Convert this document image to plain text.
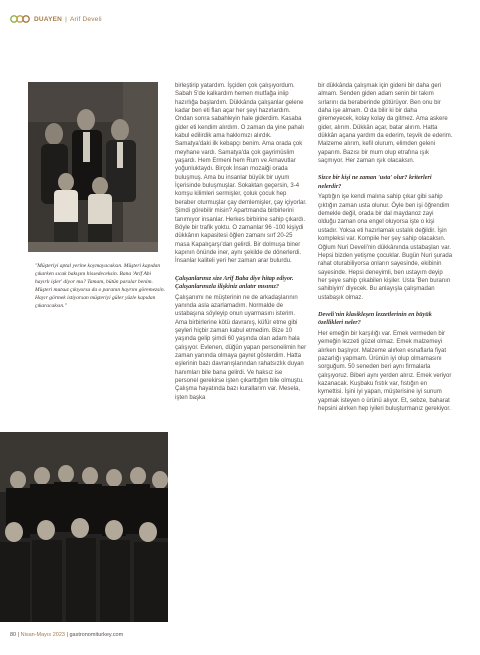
DUAYEN | Arif Develi
"Müşteriyi aptal yerine koymayacaksın. Müşteri kapıdan çıkarken sıcak bakışını hissedeceksin. Bana 'Arif Abi hayırlı işler' diyor mu? Tamam, bütün paralar benim. Müşteri mutsuz çıkıyorsa da o paranın hayrını göremezsin. Hayır görmek istiyorsan müşteriyi güler yüzle kapıdan çıkaracaksın."

birleştirip yatardım. İşçiden çok çalışıyordum. Sabah 5'de kalkardım hemen mutfağa iniip hazırlığa başlardım. Dükkânda çalışanlar gelene kadar ben eti flan açar her şeyi hazırlardım. Ondan sonra sabahleyin hale giderdim. Kasaba gider eti kendim alırdım. O zaman da yine pahalı kabul edilirdik ama hakkımızı alırdık. Samatya'daki ilk kebapçı benim. Ama orada çok meyhane vardı. Samatya'da çok gayrimüslim yaşardı. Hem Ermeni hem Rum ve Arnavutlar yoğunluktaydı. Birçok İnsan mozaiği orada buluşmuş. Ama bu insanlar büyük bir uyum İçerisinde buluşmuşlar. Sokaktan geçersin, 3-4 komşu kilimleri sermişler, çoluk çocuk hep beraber oturmuşlar çay demlemişler, çay içiyorlar. Şimdi görebilir misin? Apartmanda birbirlerini tanımıyor insanlar. Herkes birbirine sahip çıkardı. Böyle bir trafik yoktu. O zamanlar 96 -100 kişiydi dükkânın kapasitesi öğlen zamanı sırf 20-25 masa Kapalıçarşı'dan gelirdi. Bir dolmuşa biner kapının önünde iner, aynı şekilde de dönerlerdi. İnsanlar kaliteli yeri her zaman arar bulurdu.

Çalışanlarınız size Arif Baba diye hitap ediyor. Çalışanlarınızla ilişkiniz anlatır mısınız?

Çalışanımı ne müşterinin ne de arkadaşlarının yanında asla azarlamadım. Normalde de ustabaşına söyleyip onun uyarmasını isterim. Ama birbirlerine kötü davranış, küfür etme gibi şeyleri hiçbir zaman kabul etmedim. Bize 10 yaşında gelip şimdi 60 yaşında olan adam hala çalışıyor. Evlenen, düğün yapan personelimin her zaman yanında olmaya gayret gösterdim. Hatta eşlerinin bazı davranışlarından rahatsızlık duyan hanımları bile bana gelirdi. Ve haksız ise personel gerekirse işten çıkarttığım bile olmuştu. Çalışma hayatında bazı kurallarım var. Mesela, işten başka

bir dükkânda çalışmak için gideni bir daha geri almam. Senden giden adam senin bir takım sırlarını da beraberinde götürüyor. Ben onu bir daha işe almam. O da bilir ki bir daha giremeyecek, kolay kolay da gitmez. Ama askere gider, alırım. Dükkân açar, batar alırım. Hatta dükkân açana yardım da ederim, teşvik de ederim. Malzeme alırım, kefil olurum, elimden geleni yaparım. Bazısı bir mum olup etrafına ışık saçmıyor. Her zaman ışık olacaksın.

Sizce bir kişi ne zaman 'usta' olur? kriterleri nelerdir?

Yaptığın işe kendi malına sahip çıkar gibi sahip çıktığın zaman usta olunur. Öyle ben işi öğrendim demekle değil, orada bir dal maydanoz zayi olduğu zaman ona engel oluyorsa işte o kişi ustadır. Yoksa eti hazırlamak ustalık değildir. İşin kompleksi var. Kompile her şey sahip olacaksın. Oğlum Nuri Develi'nin dükkânında ustabaşları var. Hepsi bizden yetişme çocuklar. Bugün Nuri şurada rahat oturabiliyorsa onların sayesinde, ekibinin sayesinde. Hepsi deneyimli, ben ustayım deyip her şeye sahip çıkabilen kişiler. Usta 'Ben buranın sahibiyim' diyecek. Bu anlayışla çalışmadan ustabaşık olmaz.

Develi'nin klasikleşen lezzetlerinin en büyük özellikleri neler?

Her emeğin bir karşılığı var. Emek vermeden bir yemeğin lezzeti güzel olmaz. Emek malzemeyi alırken başlıyor. Malzeme alırken esnaflarla fiyat pazarlığı yapmam. Ürünün iyi olup olmamasını sorguğum. 50 seneden beri aynı firmalarla çalışıyoruz. Biberi aynı yerden alırız. Emek veriyor kazanacak. Kuşbaku fıstık var, fıstığın en kymettisi. İşini iyi yapan, müşterisine iyi sunum yapmak isteyen o ürünü alıyor. Et, sebze, baharat hepsini alırken hep iyileri buluşturmanız gerekiyor.

80 | Nisan-Mayıs 2023 | gastronomiturkey.com
